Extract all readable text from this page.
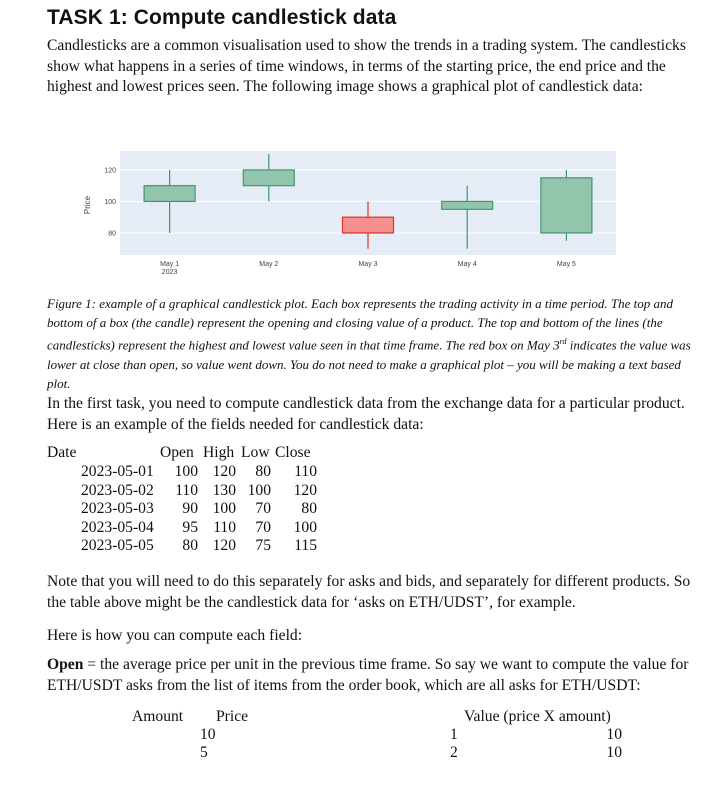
TASK 1: Compute candlestick data
Candlesticks are a common visualisation used to show the trends in a trading system. The candlesticks show what happens in a series of time windows, in terms of the starting price, the end price and the highest and lowest prices seen. The following image shows a graphical plot of candlestick data:
80
100
120
Price
May 1
2023
May 2	May 3	May 4	May 5
Figure 1: example of a graphical candlestick plot. Each box represents the trading activity in a time period. The top and bottom of a box (the candle) represent the opening and closing value of a product. The top and bottom of the lines (the candlesticks) represent the highest and lowest value seen in that time frame. The red box on May 3rd indicates the value was lower at close than open, so value went down. You do not need to make a graphical plot – you will be making a text based plot.
In the first task, you need to compute candlestick data from the exchange data for a particular product. Here is an example of the fields needed for candlestick data:
Date	Open High Low Close
2023-05-01 100 120 80 110
2023-05-02 110 130 100 120
2023-05-03 90 100 70 80
2023-05-04 95 110 70 100
2023-05-05 80 120 75 115
Note that you will need to do this separately for asks and bids, and separately for different products. So the table above might be the candlestick data for ‘asks on ETH/UDST’, for example.
Here is how you can compute each field:
Open = the average price per unit in the previous time frame. So say we want to compute the value for ETH/USDT asks from the list of items from the order book, which are all asks for ETH/USDT:
Amount Price	Value (price X amount)
10	1	10
5	2	10
